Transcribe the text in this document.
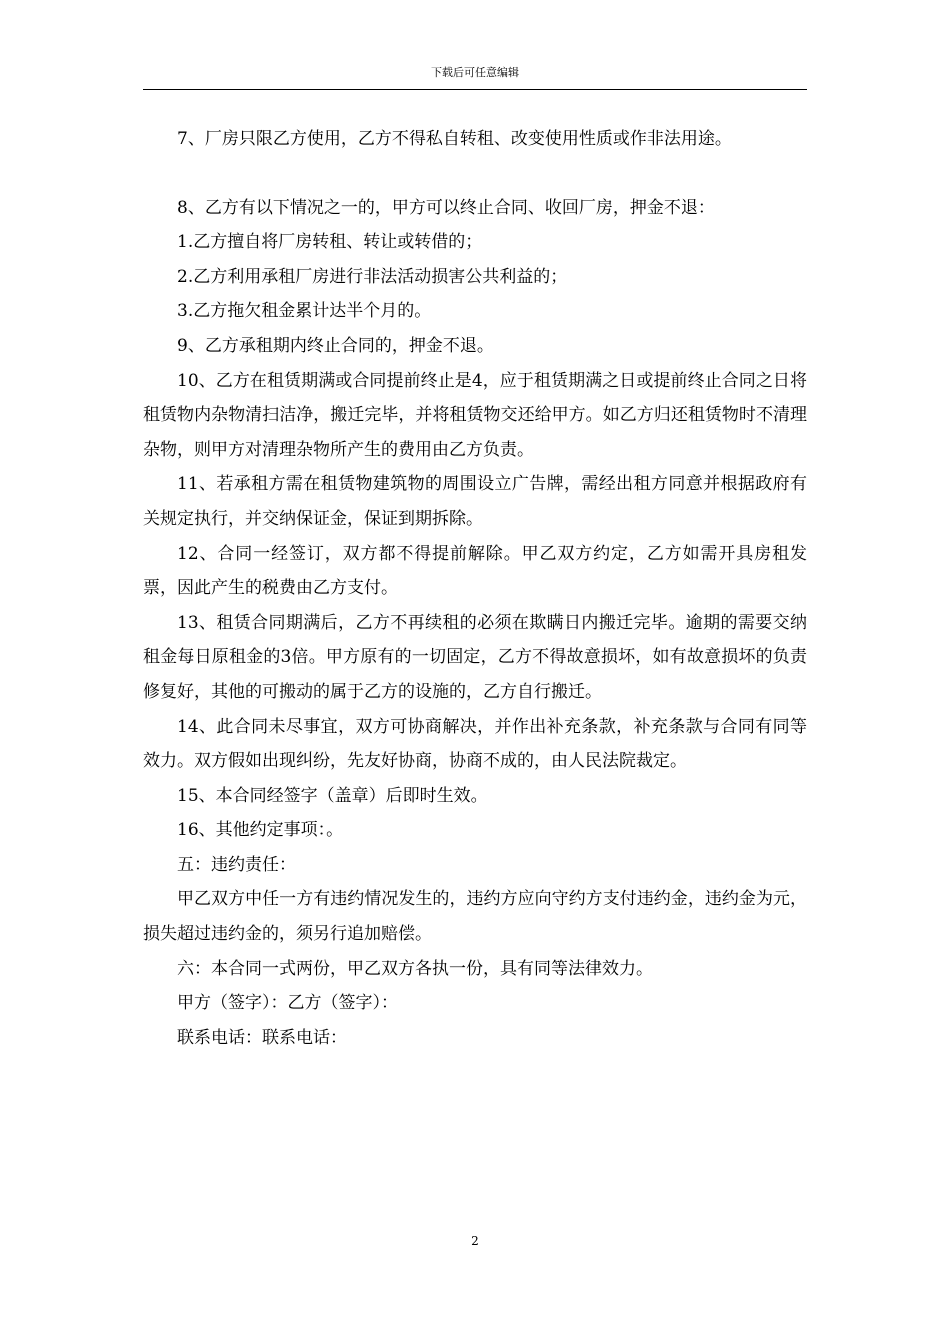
下载后可任意编辑

7、厂房只限乙方使用，乙方不得私自转租、改变使用性质或作非法用途。

8、乙方有以下情况之一的，甲方可以终止合同、收回厂房，押金不退：

1.乙方擅自将厂房转租、转让或转借的；

2.乙方利用承租厂房进行非法活动损害公共利益的；

3.乙方拖欠租金累计达半个月的。

9、乙方承租期内终止合同的，押金不退。

10、乙方在租赁期满或合同提前终止是4，应于租赁期满之日或提前终止合同之日将租赁物内杂物清扫洁净，搬迁完毕，并将租赁物交还给甲方。如乙方归还租赁物时不清理杂物，则甲方对清理杂物所产生的费用由乙方负责。

11、若承租方需在租赁物建筑物的周围设立广告牌，需经出租方同意并根据政府有关规定执行，并交纳保证金，保证到期拆除。

12、合同一经签订，双方都不得提前解除。甲乙双方约定，乙方如需开具房租发票，因此产生的税费由乙方支付。

13、租赁合同期满后，乙方不再续租的必须在欺瞒日内搬迁完毕。逾期的需要交纳租金每日原租金的3倍。甲方原有的一切固定，乙方不得故意损坏，如有故意损坏的负责修复好，其他的可搬动的属于乙方的设施的，乙方自行搬迁。

14、此合同未尽事宜，双方可协商解决，并作出补充条款，补充条款与合同有同等效力。双方假如出现纠纷，先友好协商，协商不成的，由人民法院裁定。

15、本合同经签字（盖章）后即时生效。

16、其他约定事项：。

五：违约责任：

甲乙双方中任一方有违约情况发生的，违约方应向守约方支付违约金，违约金为元，损失超过违约金的，须另行追加赔偿。

六：本合同一式两份，甲乙双方各执一份，具有同等法律效力。

甲方（签字）：乙方（签字）：

联系电话：联系电话：

2
